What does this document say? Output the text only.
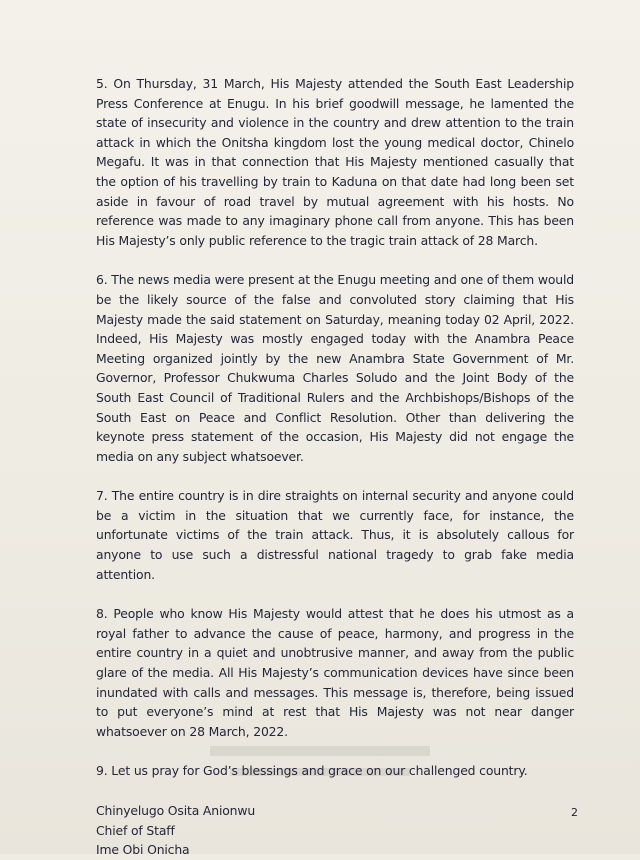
5. On Thursday, 31 March, His Majesty attended the South East Leadership Press Conference at Enugu. In his brief goodwill message, he lamented the state of insecurity and violence in the country and drew attention to the train attack in which the Onitsha kingdom lost the young medical doctor, Chinelo Megafu. It was in that connection that His Majesty mentioned casually that the option of his travelling by train to Kaduna on that date had long been set aside in favour of road travel by mutual agreement with his hosts. No reference was made to any imaginary phone call from anyone. This has been His Majesty’s only public reference to the tragic train attack of 28 March.

6. The news media were present at the Enugu meeting and one of them would be the likely source of the false and convoluted story claiming that His Majesty made the said statement on Saturday, meaning today 02 April, 2022. Indeed, His Majesty was mostly engaged today with the Anambra Peace Meeting organized jointly by the new Anambra State Government of Mr. Governor, Professor Chukwuma Charles Soludo and the Joint Body of the South East Council of Traditional Rulers and the Archbishops/Bishops of the South East on Peace and Conflict Resolution. Other than delivering the keynote press statement of the occasion, His Majesty did not engage the media on any subject whatsoever.

7. The entire country is in dire straights on internal security and anyone could be a victim in the situation that we currently face, for instance, the unfortunate victims of the train attack. Thus, it is absolutely callous for anyone to use such a distressful national tragedy to grab fake media attention.

8. People who know His Majesty would attest that he does his utmost as a royal father to advance the cause of peace, harmony, and progress in the entire country in a quiet and unobtrusive manner, and away from the public glare of the media. All His Majesty’s communication devices have since been inundated with calls and messages. This message is, therefore, being issued to put everyone’s mind at rest that His Majesty was not near danger whatsoever on 28 March, 2022.

9. Let us pray for God’s blessings and grace on our challenged country.

Chinyelugo Osita Anionwu
Chief of Staff
Ime Obi Onicha
2
